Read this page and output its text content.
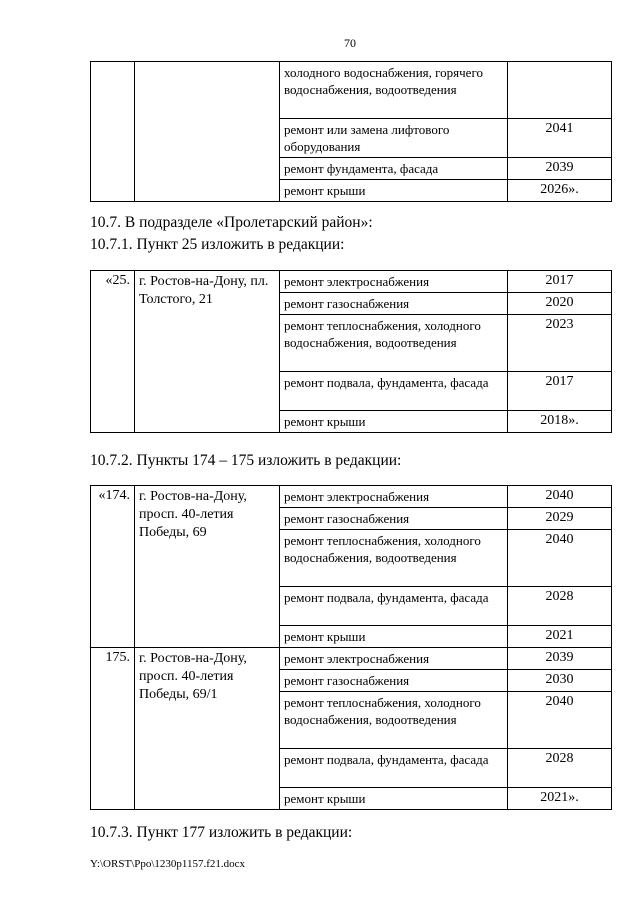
70
		холодного водоснабжения, горячего водоснабжения, водоотведения	
		ремонт или замена лифтового оборудования	2041
		ремонт фундамента, фасада	2039
		ремонт крыши	2026».
10.7. В подразделе «Пролетарский район»:
10.7.1. Пункт 25 изложить в редакции:
«25.	г. Ростов-на-Дону, пл. Толстого, 21	ремонт электроснабжения	2017
		ремонт газоснабжения	2020
		ремонт теплоснабжения, холодного водоснабжения, водоотведения	2023
		ремонт подвала, фундамента, фасада	2017
		ремонт крыши	2018».
10.7.2. Пункты 174 – 175 изложить в редакции:
«174.	г. Ростов-на-Дону, просп. 40-летия Победы, 69	ремонт электроснабжения	2040
		ремонт газоснабжения	2029
		ремонт теплоснабжения, холодного водоснабжения, водоотведения	2040
		ремонт подвала, фундамента, фасада	2028
		ремонт крыши	2021
175.	г. Ростов-на-Дону, просп. 40-летия Победы, 69/1	ремонт электроснабжения	2039
		ремонт газоснабжения	2030
		ремонт теплоснабжения, холодного водоснабжения, водоотведения	2040
		ремонт подвала, фундамента, фасада	2028
		ремонт крыши	2021».
10.7.3. Пункт 177 изложить в редакции:
Y:\ORST\Ppo\1230p1157.f21.docx
